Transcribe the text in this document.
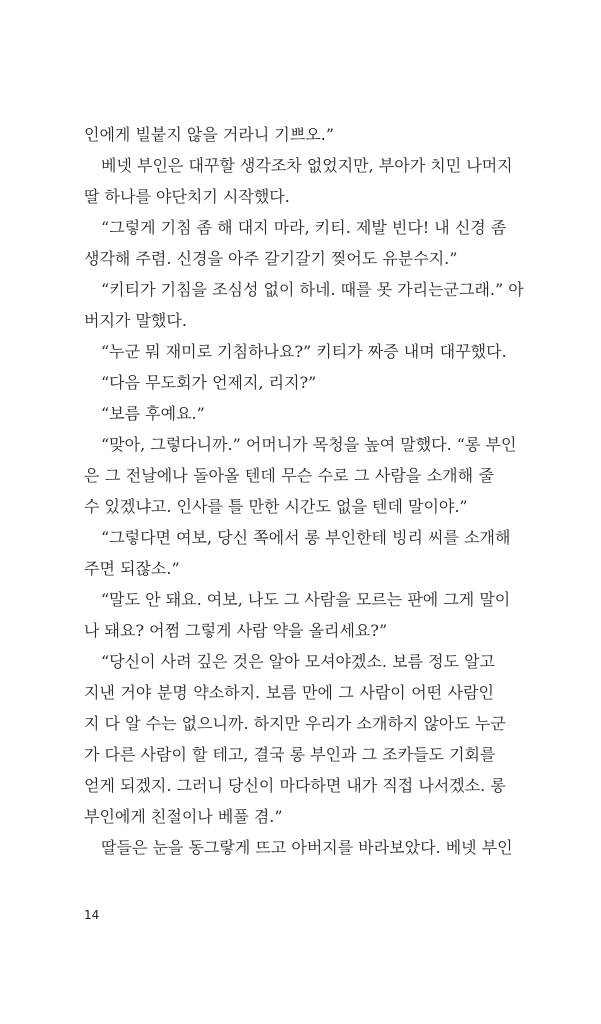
인에게 빌붙지 않을 거라니 기쁘오.”
베넷 부인은 대꾸할 생각조차 없었지만, 부아가 치민 나머지
딸 하나를 야단치기 시작했다.
“그렇게 기침 좀 해 대지 마라, 키티. 제발 빈다! 내 신경 좀
생각해 주렴. 신경을 아주 갈기갈기 찢어도 유분수지.”
“키티가 기침을 조심성 없이 하네. 때를 못 가리는군그래.” 아
버지가 말했다.
“누군 뭐 재미로 기침하나요?” 키티가 짜증 내며 대꾸했다.
“다음 무도회가 언제지, 리지?”
“보름 후예요.”
“맞아, 그렇다니까.” 어머니가 목청을 높여 말했다. “롱 부인
은 그 전날에나 돌아올 텐데 무슨 수로 그 사람을 소개해 줄
수 있겠냐고. 인사를 틀 만한 시간도 없을 텐데 말이야.”
“그렇다면 여보, 당신 쪽에서 롱 부인한테 빙리 씨를 소개해
주면 되잖소.”
“말도 안 돼요. 여보, 나도 그 사람을 모르는 판에 그게 말이
나 돼요? 어쩜 그렇게 사람 약을 올리세요?”
“당신이 사려 깊은 것은 알아 모셔야겠소. 보름 정도 알고
지낸 거야 분명 약소하지. 보름 만에 그 사람이 어떤 사람인
지 다 알 수는 없으니까. 하지만 우리가 소개하지 않아도 누군
가 다른 사람이 할 테고, 결국 롱 부인과 그 조카들도 기회를
얻게 되겠지. 그러니 당신이 마다하면 내가 직접 나서겠소. 롱
부인에게 친절이나 베풀 겸.”
딸들은 눈을 동그랗게 뜨고 아버지를 바라보았다. 베넷 부인
14
